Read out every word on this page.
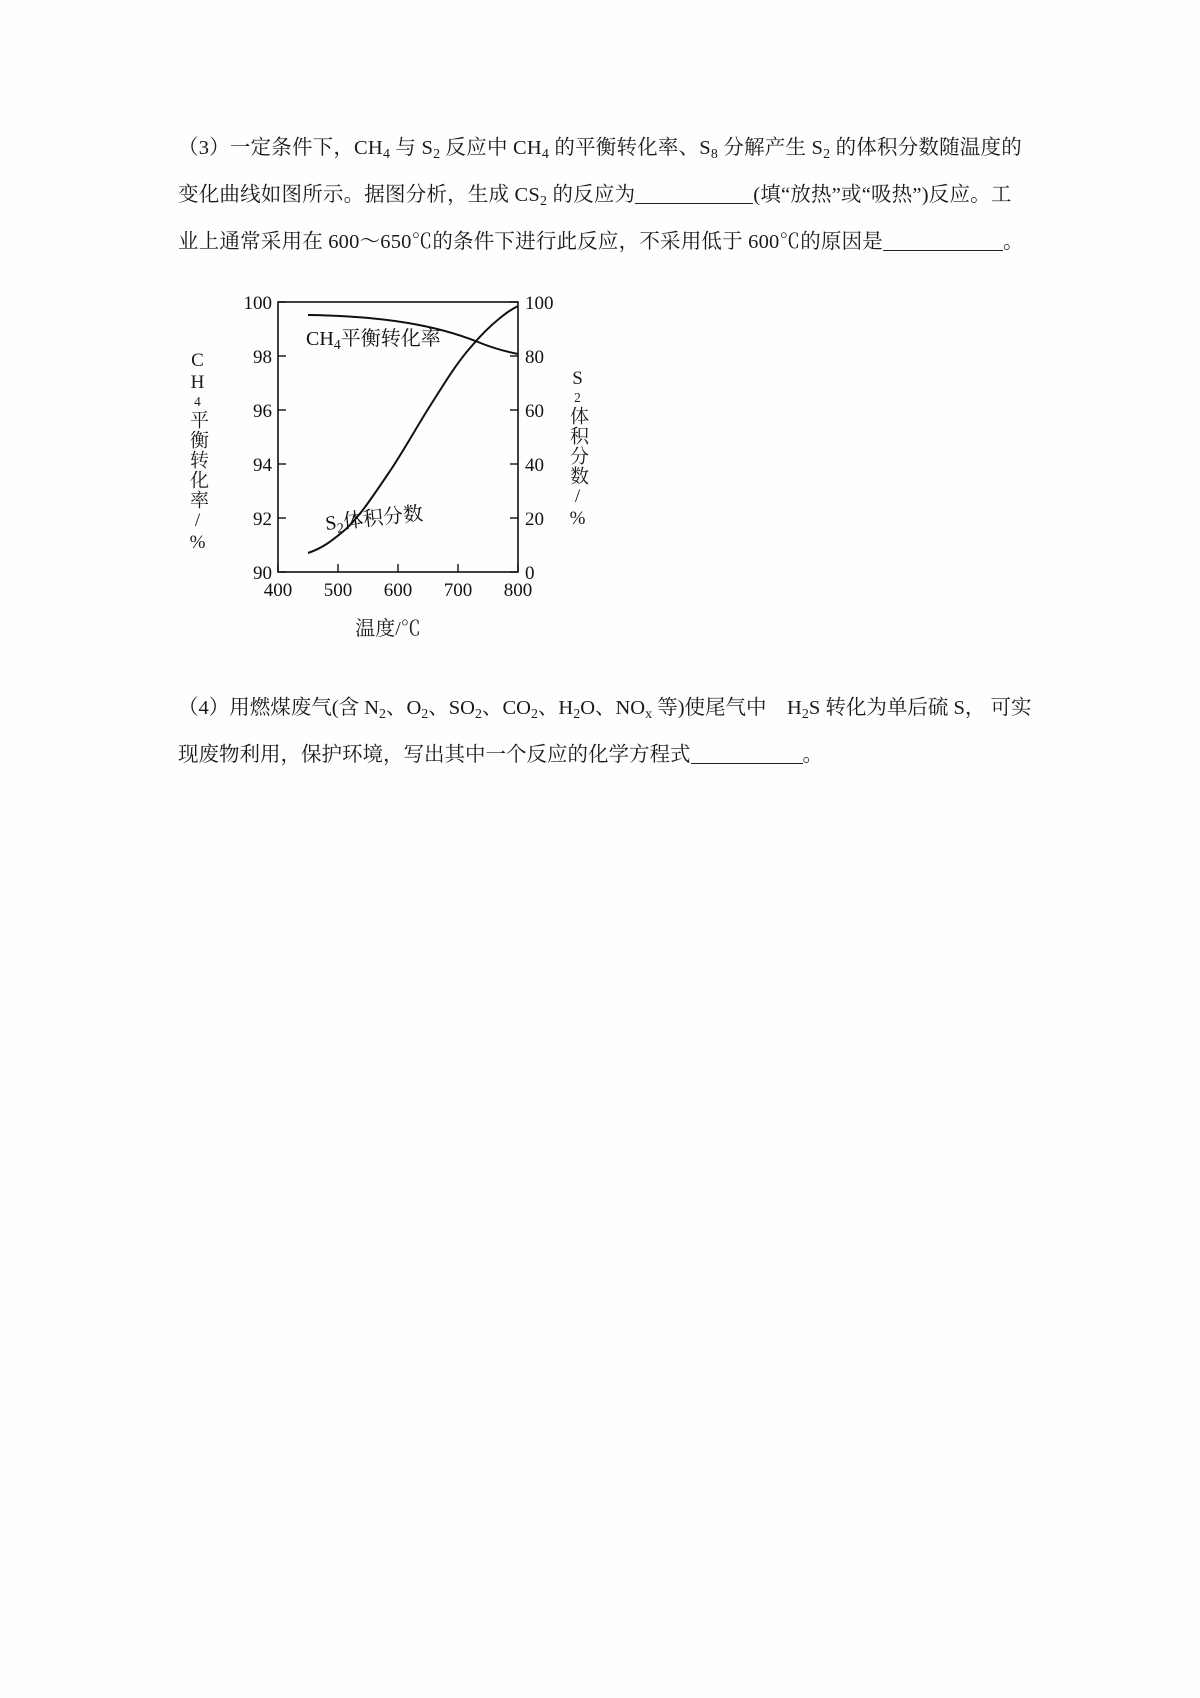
（3）一定条件下，$CH_4$ 与 $S_2$ 反应中 $CH_4$ 的平衡转化率、$S_8$ 分解产生 $S_2$ 的体积分数随温度的
变化曲线如图所示。据图分析，生成 $CS_2$ 的反应为	(填“放热”或“吸热”)反应。工
业上通常采用在 600～650℃的条件下进行此反应，不采用低于 600℃的原因是	。
CH4平衡转化率/%
S2体积分数/%
100
98
96
94
92
90
100
80
60
40
20
0
400 500 600 700 800
$CH_4$平衡转化率
$S_2$体积分数
温度/℃
（4）用燃煤废气(含 $N_2$、$O_2$、$SO_2$、$CO_2$、$H_2O$、$NO_x$ 等)使尾气中　$H_2S$ 转化为单后硫 S， 可实现废物利用，保护环境，写出其中一个反应的化学方程式	。
